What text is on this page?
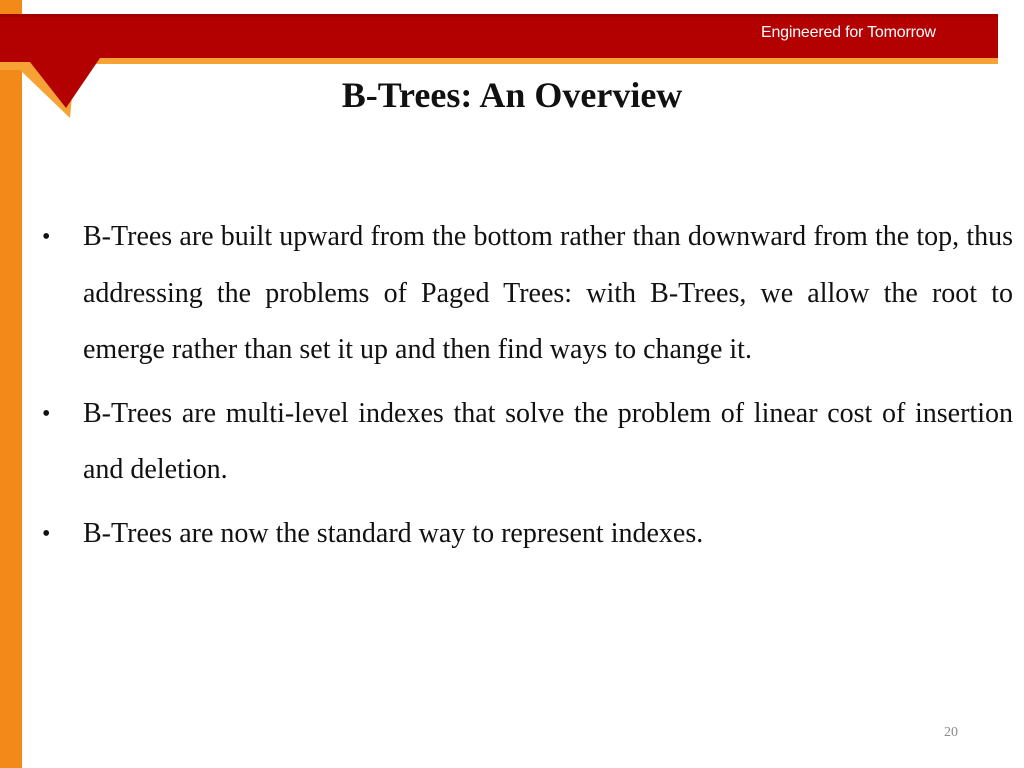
Engineered for Tomorrow
B-Trees: An Overview
• B-Trees are built upward from the bottom rather than downward from the top, thus addressing the problems of Paged Trees: with B-Trees, we allow the root to emerge rather than set it up and then find ways to change it.
• B-Trees are multi-level indexes that solve the problem of linear cost of insertion and deletion.
• B-Trees are now the standard way to represent indexes.
20
